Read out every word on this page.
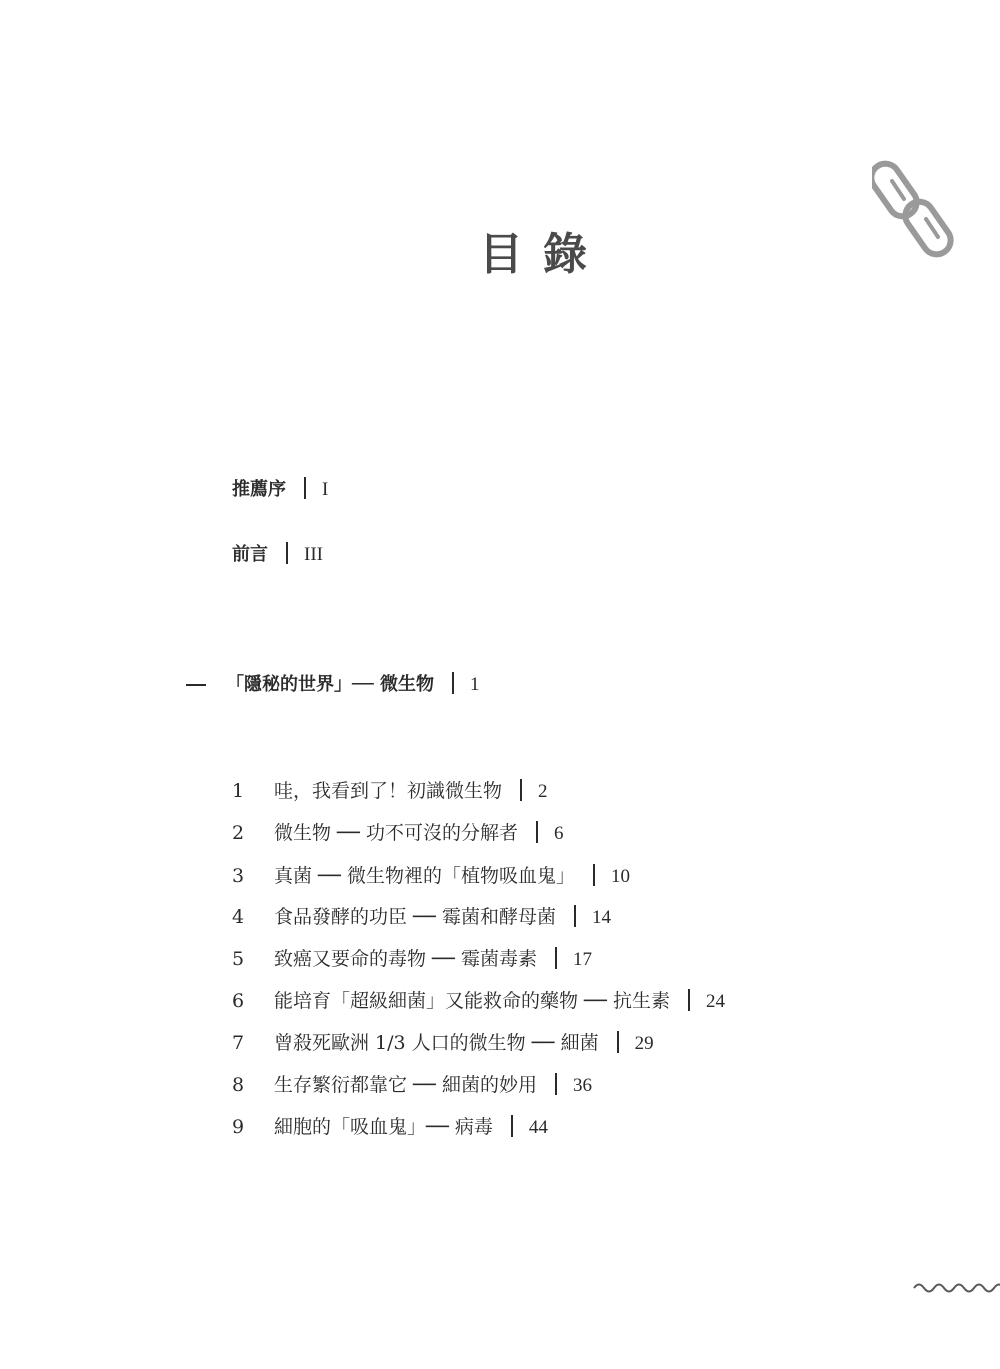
目錄
推薦序 I
前言 III
「隱秘的世界」── 微生物 1
1 哇，我看到了！初識微生物 2
2 微生物 ── 功不可沒的分解者 6
3 真菌 ── 微生物裡的「植物吸血鬼」 10
4 食品發酵的功臣 ── 霉菌和酵母菌 14
5 致癌又要命的毒物 ── 霉菌毒素 17
6 能培育「超級細菌」又能救命的藥物 ── 抗生素 24
7 曾殺死歐洲 1/3 人口的微生物 ── 細菌 29
8 生存繁衍都靠它 ── 細菌的妙用 36
9 細胞的「吸血鬼」── 病毒 44
